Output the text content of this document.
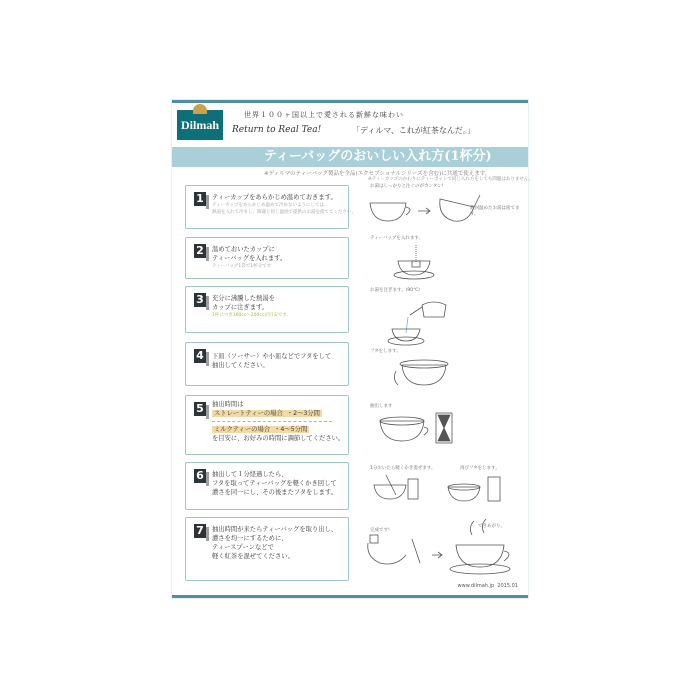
Dilmah
世界１００ヶ国以上で愛される新鮮な味わい
Return to Real Tea!	「ディルマ、これが紅茶なんだ。」
ティーバッグのおいしい入れ方(1杯分)
※ディルマのティーバッグ製品を全品(エクセプショナルシリーズを含む)に共通で使えます。
※ティーカップのかわりにティーポットで同じ入れ方をしても問題はありません。
1	ティーカップをあらかじめ温めておきます。
ティーカップをあらかじめ温めて冷めないようにしては、
熱湯を入れて冷まし、陶器と同じ温度で提供のお湯を捨ててください。
2	温めておいたカップに
ティーバッグを入れます。
ティーバッグ1袋で1杯分です
3	充分に沸騰した熱湯を
カップに注ぎます。
1杯につき160cc～200ccが目安です。
4	下皿（ソーサー）や小皿などでフタをして
抽出してください。
5	抽出時間は
ストレートティーの場合 ・2～3分間
ミルクティーの場合 ・4～5分間
を目安に、お好みの時間に調節してください。
6	抽出して１分経過したら、
フタを取ってティーバッグを軽くかき回して
濃さを同一にし、その後またフタをします。
7	抽出時間が来たらティーバッグを取り出し、
濃さを均一にするために、
ティースプーンなどで
軽く紅茶を混ぜてください。
お湯はしっかりと注ぐのがカンタン!
数回温めたお湯は捨てます。
ティーバッグを入れます。
お湯を注ぎます。(90℃)
フタをします。
抽出します
1分おいたら軽くかき混ぜます。	再びフタをします。
完成です!
できあがり。
www.dilmah.jp 2015.01
